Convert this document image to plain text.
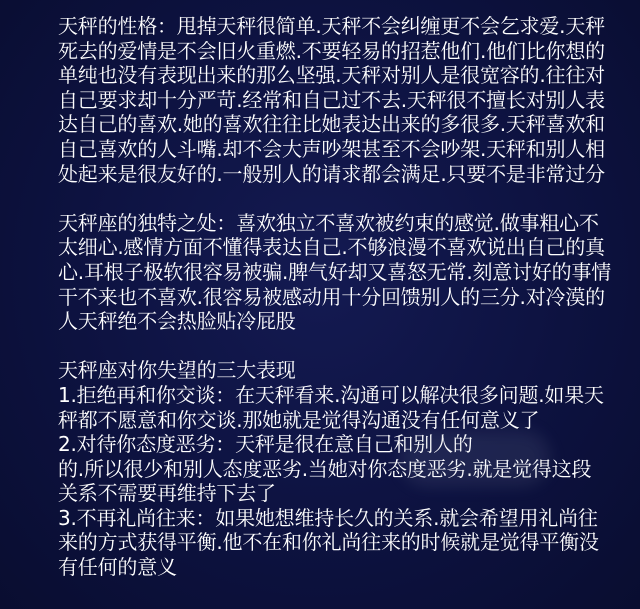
天秤的性格：甩掉天秤很简单.天秤不会纠缠更不会乞求爱.天秤
死去的爱情是不会旧火重燃.不要轻易的招惹他们.他们比你想的
单纯也没有表现出来的那么坚强.天秤对别人是很宽容的.往往对
自己要求却十分严苛.经常和自己过不去.天秤很不擅长对别人表
达自己的喜欢.她的喜欢往往比她表达出来的多很多.天秤喜欢和
自己喜欢的人斗嘴.却不会大声吵架甚至不会吵架.天秤和别人相
处起来是很友好的.一般别人的请求都会满足.只要不是非常过分
天秤座的独特之处：喜欢独立不喜欢被约束的感觉.做事粗心不
太细心.感情方面不懂得表达自己.不够浪漫不喜欢说出自己的真
心.耳根子极软很容易被骗.脾气好却又喜怒无常.刻意讨好的事情
干不来也不喜欢.很容易被感动用十分回馈别人的三分.对冷漠的
人天秤绝不会热脸贴冷屁股
天秤座对你失望的三大表现
1.拒绝再和你交谈：在天秤看来.沟通可以解决很多问题.如果天
秤都不愿意和你交谈.那她就是觉得沟通没有任何意义了
2.对待你态度恶劣：天秤是很在意自己和别人的
的.所以很少和别人态度恶劣.当她对你态度恶劣.就是觉得这段
关系不需要再维持下去了
3.不再礼尚往来：如果她想维持长久的关系.就会希望用礼尚往
来的方式获得平衡.他不在和你礼尚往来的时候就是觉得平衡没
有任何的意义
